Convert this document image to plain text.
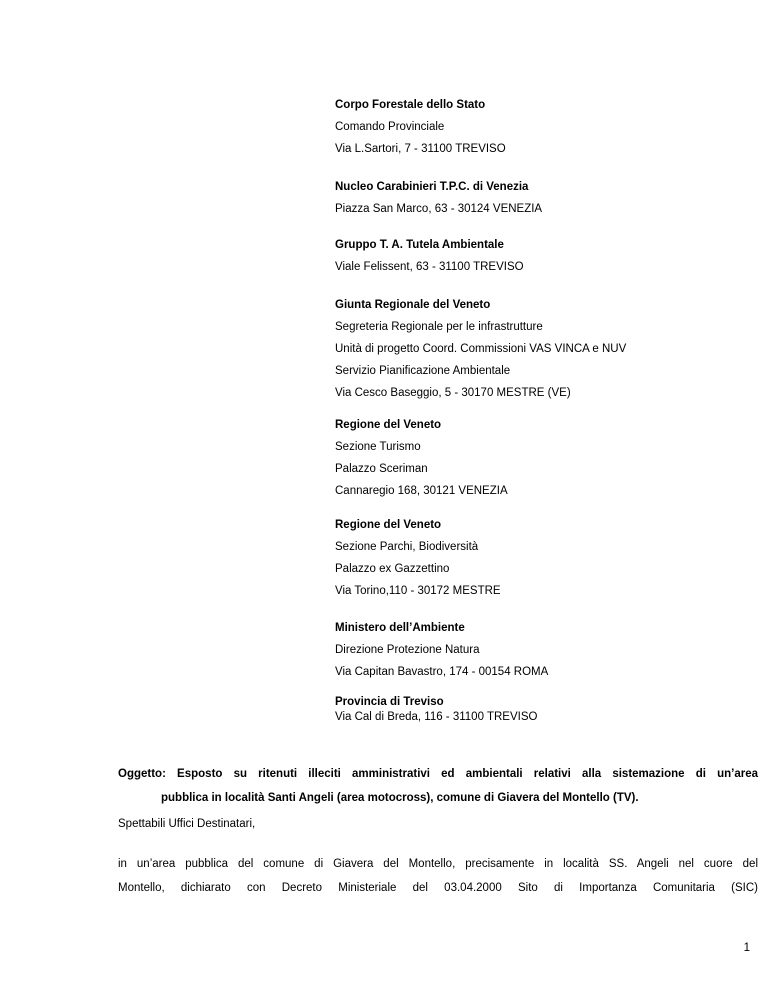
Corpo Forestale dello Stato
Comando Provinciale
Via L.Sartori, 7 - 31100 TREVISO
Nucleo Carabinieri T.P.C. di Venezia
Piazza San Marco, 63 - 30124 VENEZIA
Gruppo T. A. Tutela Ambientale
Viale Felissent, 63 - 31100 TREVISO
Giunta Regionale del Veneto
Segreteria Regionale per le infrastrutture
Unità di progetto Coord. Commissioni VAS VINCA e NUV
Servizio Pianificazione Ambientale
Via Cesco Baseggio, 5 - 30170 MESTRE (VE)
Regione del Veneto
Sezione Turismo
Palazzo Sceriman
Cannaregio 168, 30121 VENEZIA
Regione del Veneto
Sezione Parchi, Biodiversità
Palazzo ex Gazzettino
Via Torino,110 - 30172 MESTRE
Ministero dell’Ambiente
Direzione Protezione Natura
Via Capitan Bavastro, 174 - 00154 ROMA
Provincia di Treviso
Via Cal di Breda, 116 - 31100 TREVISO
Oggetto: Esposto su ritenuti illeciti amministrativi ed ambientali relativi alla sistemazione di un’area
pubblica in località Santi Angeli (area motocross), comune di Giavera del Montello (TV).
Spettabili Uffici Destinatari,
in un’area pubblica del comune di Giavera del Montello, precisamente in località SS. Angeli nel cuore del
Montello, dichiarato con Decreto Ministeriale del 03.04.2000 Sito di Importanza Comunitaria (SIC)
1
